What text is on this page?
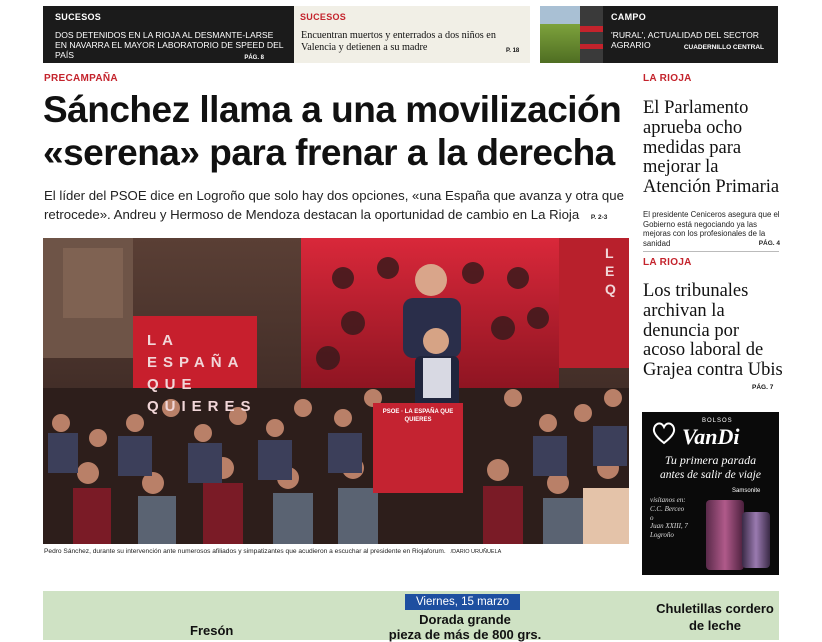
SUCESOS
DOS DETENIDOS EN LA RIOJA AL DESMANTE-LARSE EN NAVARRA EL MAYOR LABORATORIO DE SPEED DEL PAÍS	PÁG. 8
SUCESOS
Encuentran muertos y enterrados a dos niños en Valencia y detienen a su madre	P. 18
CAMPO
'RURAL', ACTUALIDAD DEL SECTOR AGRARIO	CUADERNILLO CENTRAL
PRECAMPAÑA
Sánchez llama a una movilización
«serena» para frenar a la derecha
El líder del PSOE dice en Logroño que solo hay dos opciones, «una España que avanza y otra que retrocede». Andreu y Hermoso de Mendoza destacan la oportunidad de cambio en La Rioja P. 2-3
LA ESPAÑA QUE QUIERES
LEQ
PSOE · LA ESPAÑA QUE QUIERES
Pedro Sánchez, durante su intervención ante numerosos afiliados y simpatizantes que acudieron a escuchar al presidente en Riojaforum. /DARIO URUÑUELA
LA RIOJA
El Parlamento aprueba ocho medidas para mejorar la Atención Primaria
El presidente Ceniceros asegura que el Gobierno está negociando ya las mejoras con los profesionales de la sanidad	PÁG. 4
LA RIOJA
Los tribunales archivan la denuncia por acoso laboral de Grajea contra Ubis
PÁG. 7
BOLSOS
VanDi
Tu primera parada
antes de salir de viaje
visítanos en:
C.C. Berceo
o
Juan XXIII, 7
Logroño
Samsonite
Viernes, 15 marzo
Fresón
Dorada grande
pieza de más de 800 grs.
Chuletillas cordero
de leche
